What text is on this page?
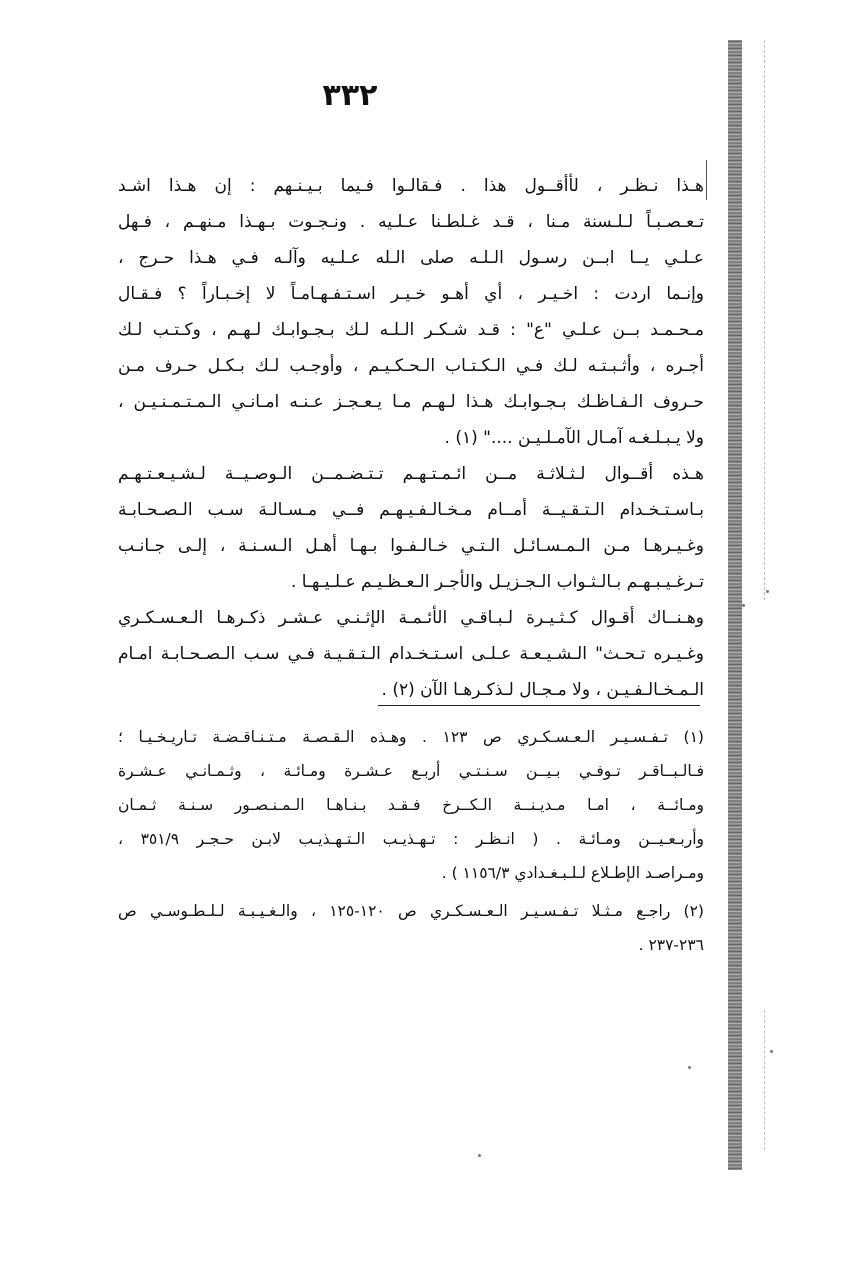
٣٣٢
هـذا نـظـر ، لأأقــول هذا . فـقالـوا فـيما بـيـنـهم : إن هـذا اشـد
تـعـصـبـاً لـلـسنة مـنا ، قـد غـلطـنا عـلـيه . ونـجـوت بـهـذا مـنهـم ، فـهل
عـلـي يــا ابــن رسـول الـلـه صلى الـله عـلـيه وآلـه فـي هـذا حـرج ،
وإنـما اردت : اخـيـر ، أي أهـو خـيـر اسـتـفـهـامـاً لا إخـبـاراً ؟ فـقـال
مـحـمـد بــن عـلـي "ع" : قـد شـكـر الـلـه لـك بـجـوابـك لـهـم ، وكـتـب لـك
أجـره ، وأثـبـتـه لـك فـي الـكـتـاب الـحـكـيـم ، وأوجـب لـك بـكـل حـرف مـن
حـروف الـفـاظـك بـجـوابـك هـذا لـهـم مـا يـعـجـز عـنـه امـانـي الـمـتـمـنـيـن ،
ولا يـبـلـغـه آمـال الآمـلـيـن ...." (١) .
هـذه أقــوال لـثـلاثـة مــن ائـمـتـهـم تـتـضـمــن الـوصـيــة لـشـيـعـتـهـم
بـاسـتـخـدام الـتـقـيــة أمــام مـخـالـفـيـهـم فــي مـسـالـة سـب الـصـحـابـة
وغـيـرهـا مـن الـمـسـائـل الـتـي خـالـفـوا بـهـا أهـل الـسـنـة ، إلـى جـانـب
تـرغـيـبـهـم بـالـثـواب الـجـزيـل والأجـر الـعـظـيـم عـلـيـهـا .
وهـنــاك أقـوال كـثـيـرة لـبـاقـي الأئـمـة الإثـنـي عـشـر ذكـرهـا الـعـسـكـري
وغـيـره تـحـث" الـشـيـعـة عـلـى اسـتـخـدام الـتـقـيـة فـي سـب الـصـحـابـة امـام
الـمـخـالـفـيـن ، ولا مـجـال لـذكـرهـا الآن (٢) .
(١) تـفـسـيـر الـعـسـكـري ص ١٢٣ . وهـذه الـقـصـة مـتـنـاقـضـة تـاريـخـيـا ؛
فـالـبــاقـر تـوفـي بـيــن سـنـتـي أربـع عـشـرة ومـائـة ، وثـمـانـي عـشـرة
ومـائــة ، امـا مـديـنــة الـكــرخ فـقـد بـنـاهـا الـمـنـصـور سـنـة ثـمـان
وأربـعـيــن ومـائـة . ( انـظـر : تـهـذيـب الـتـهـذيـب لابـن حـجـر ٣٥١/٩ ،
ومـراصـد الإطـلاع لـلـبـغـدادي ١١٥٦/٣ ) .
(٢) راجـع مـثـلا تـفـسـيـر الـعـسـكـري ص ١٢٠-١٢٥ ، والـغـيـبـة لـلـطـوسـي ص
٢٣٦-٢٣٧ .
